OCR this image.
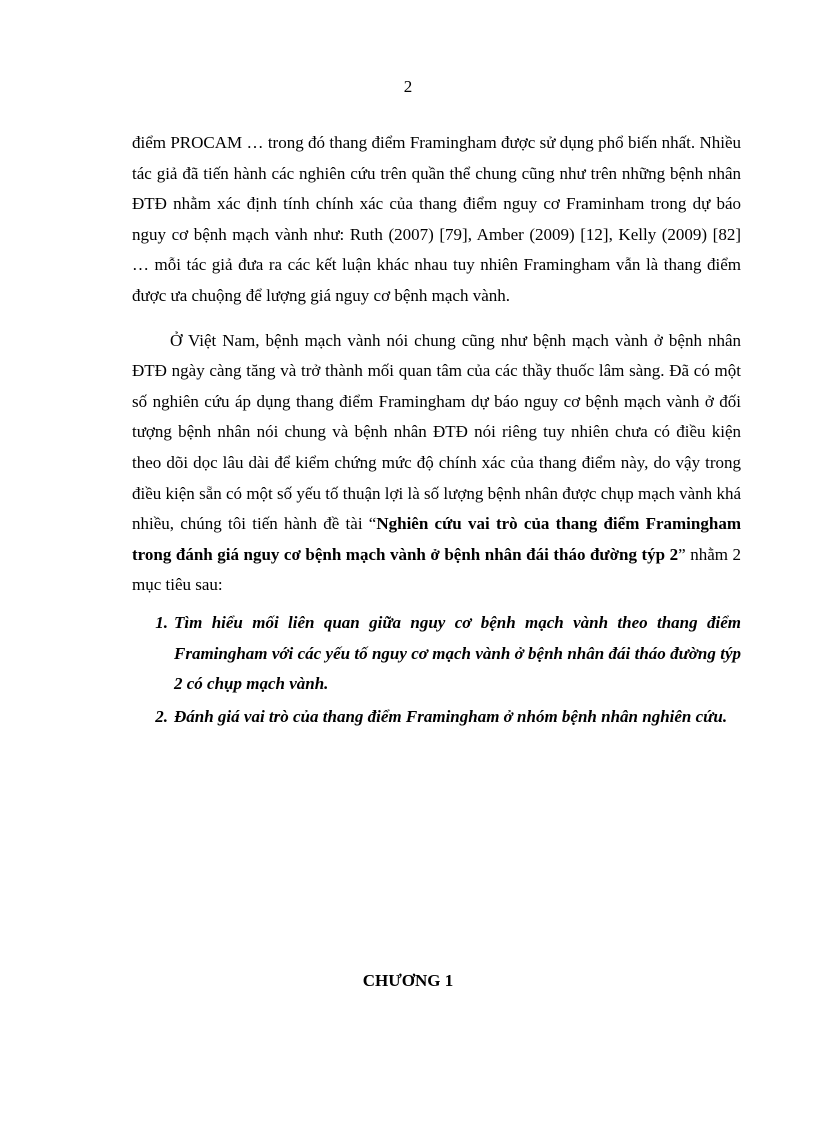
2

điểm PROCAM … trong đó thang điểm Framingham được sử dụng phổ biến nhất. Nhiều tác giả đã tiến hành các nghiên cứu trên quần thể chung cũng như trên những bệnh nhân ĐTĐ nhằm xác định tính chính xác của thang điểm nguy cơ Framinham trong dự báo nguy cơ bệnh mạch vành như: Ruth (2007) [79], Amber (2009) [12], Kelly (2009) [82] … mỗi tác giả đưa ra các kết luận khác nhau tuy nhiên Framingham vẫn là thang điểm được ưa chuộng để lượng giá nguy cơ bệnh mạch vành.

Ở Việt Nam, bệnh mạch vành nói chung cũng như bệnh mạch vành ở bệnh nhân ĐTĐ ngày càng tăng và trở thành mối quan tâm của các thầy thuốc lâm sàng. Đã có một số nghiên cứu áp dụng thang điểm Framingham dự báo nguy cơ bệnh mạch vành ở đối tượng bệnh nhân nói chung và bệnh nhân ĐTĐ nói riêng tuy nhiên chưa có điều kiện theo dõi dọc lâu dài để kiểm chứng mức độ chính xác của thang điểm này, do vậy trong điều kiện sẵn có một số yếu tố thuận lợi là số lượng bệnh nhân được chụp mạch vành khá nhiều, chúng tôi tiến hành đề tài “Nghiên cứu vai trò của thang điểm Framingham trong đánh giá nguy cơ bệnh mạch vành ở bệnh nhân đái tháo đường týp 2” nhằm 2 mục tiêu sau:

1. Tìm hiểu mối liên quan giữa nguy cơ bệnh mạch vành theo thang điểm Framingham với các yếu tố nguy cơ mạch vành ở bệnh nhân đái tháo đường týp 2 có chụp mạch vành.
2. Đánh giá vai trò của thang điểm Framingham ở nhóm bệnh nhân nghiên cứu.
CHƯƠNG 1
